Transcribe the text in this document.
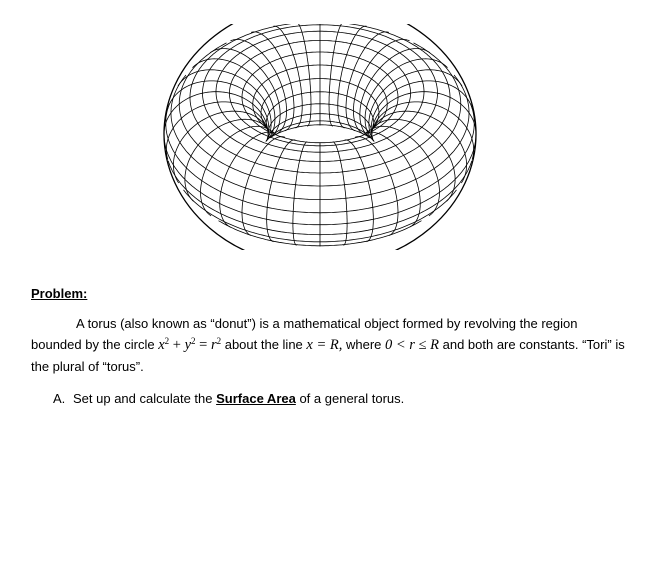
Problem:
A torus (also known as “donut”) is a mathematical object formed by revolving the region bounded by the circle $x^2 + y^2 = r^2$ about the line x = R, where 0 < r ≤ R and both are constants. “Tori” is the plural of “torus”.
A. Set up and calculate the Surface Area of a general torus.
